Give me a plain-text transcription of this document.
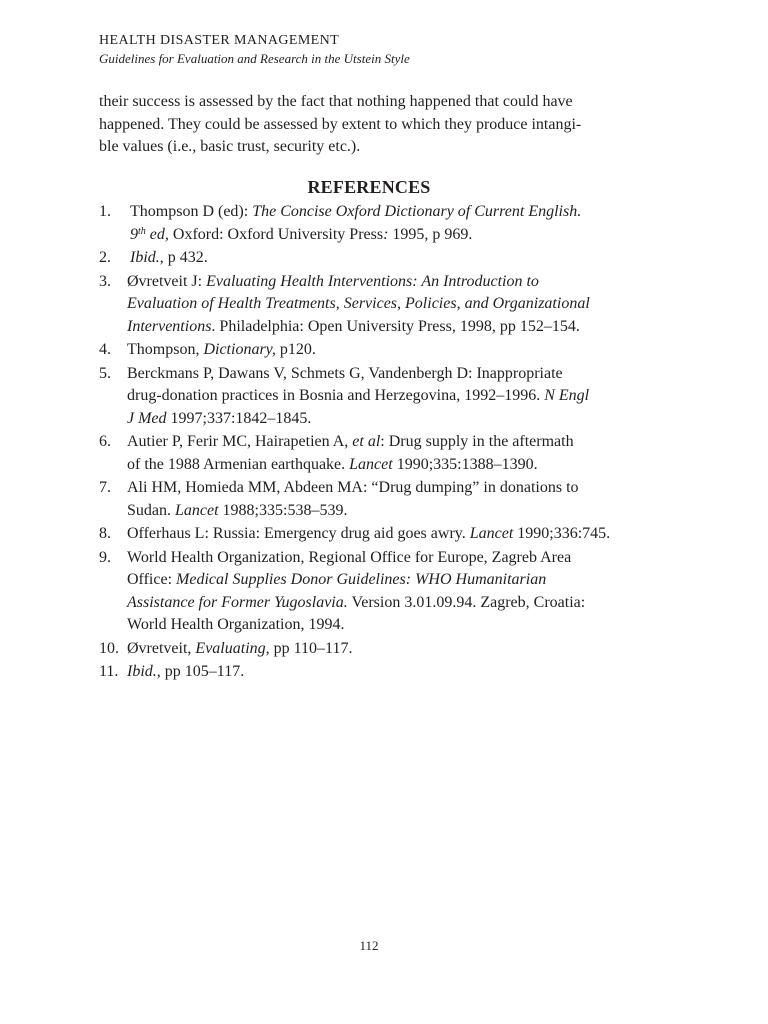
HEALTH DISASTER MANAGEMENT
Guidelines for Evaluation and Research in the Utstein Style

their success is assessed by the fact that nothing happened that could have
happened. They could be assessed by extent to which they produce intangi-
ble values (i.e., basic trust, security etc.).

REFERENCES
1. Thompson D (ed): The Concise Oxford Dictionary of Current English.
9th ed, Oxford: Oxford University Press: 1995, p 969.
2. Ibid., p 432.
3. Øvretveit J: Evaluating Health Interventions: An Introduction to
Evaluation of Health Treatments, Services, Policies, and Organizational
Interventions. Philadelphia: Open University Press, 1998, pp 152–154.
4. Thompson, Dictionary, p120.
5. Berckmans P, Dawans V, Schmets G, Vandenbergh D: Inappropriate
drug-donation practices in Bosnia and Herzegovina, 1992–1996. N Engl
J Med 1997;337:1842–1845.
6. Autier P, Ferir MC, Hairapetien A, et al: Drug supply in the aftermath
of the 1988 Armenian earthquake. Lancet 1990;335:1388–1390.
7. Ali HM, Homieda MM, Abdeen MA: “Drug dumping” in donations to
Sudan. Lancet 1988;335:538–539.
8. Offerhaus L: Russia: Emergency drug aid goes awry. Lancet 1990;336:745.
9. World Health Organization, Regional Office for Europe, Zagreb Area
Office: Medical Supplies Donor Guidelines: WHO Humanitarian
Assistance for Former Yugoslavia. Version 3.01.09.94. Zagreb, Croatia:
World Health Organization, 1994.
10. Øvretveit, Evaluating, pp 110–117.
11. Ibid., pp 105–117.
112
